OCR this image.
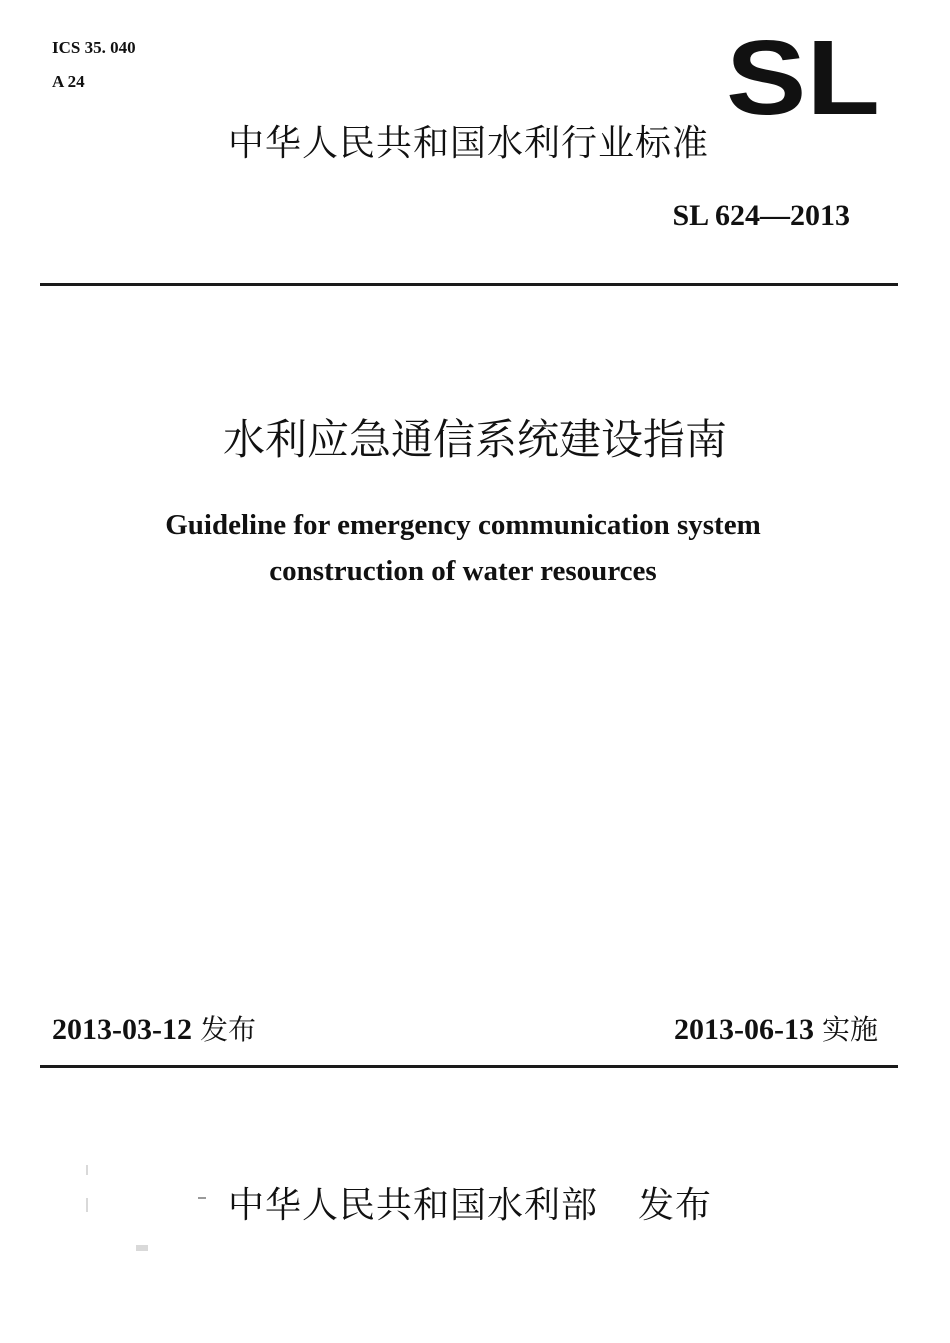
ICS 35. 040
A 24	SL
中华人民共和国水利行业标准
SL 624—2013
水利应急通信系统建设指南
Guideline for emergency communication system
construction of water resources
2013-03-12 发布	2013-06-13 实施
中华人民共和国水利部 发布
